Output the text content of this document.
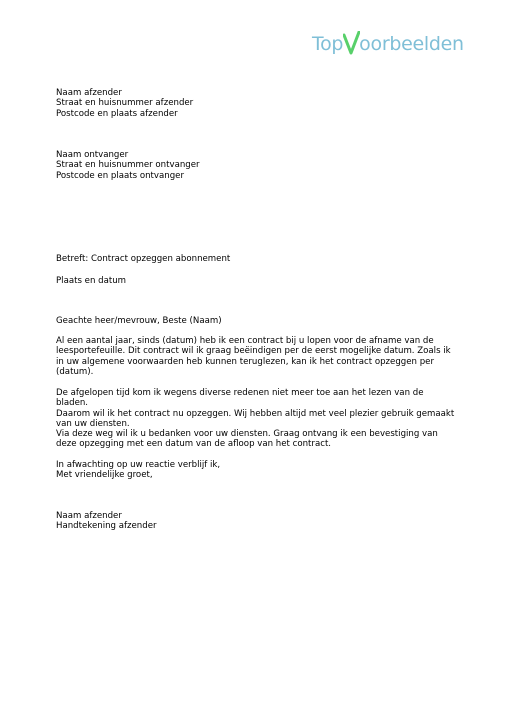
Top oorbeelden

Naam afzender

Straat en huisnummer afzender

Postcode en plaats afzender

Naam ontvanger

Straat en huisnummer ontvanger

Postcode en plaats ontvanger

Betreft: Contract opzeggen abonnement

Plaats en datum

Geachte heer/mevrouw, Beste (Naam)

Al een aantal jaar, sinds (datum) heb ik een contract bij u lopen voor de afname van de

leesportefeuille. Dit contract wil ik graag beëindigen per de eerst mogelijke datum. Zoals ik

in uw algemene voorwaarden heb kunnen teruglezen, kan ik het contract opzeggen per

(datum).

De afgelopen tijd kom ik wegens diverse redenen niet meer toe aan het lezen van de bladen.

Daarom wil ik het contract nu opzeggen. Wij hebben altijd met veel plezier gebruik gemaakt

van uw diensten.

Via deze weg wil ik u bedanken voor uw diensten. Graag ontvang ik een bevestiging van

deze opzegging met een datum van de afloop van het contract.

In afwachting op uw reactie verblijf ik,

Met vriendelijke groet,

Naam afzender

Handtekening afzender
